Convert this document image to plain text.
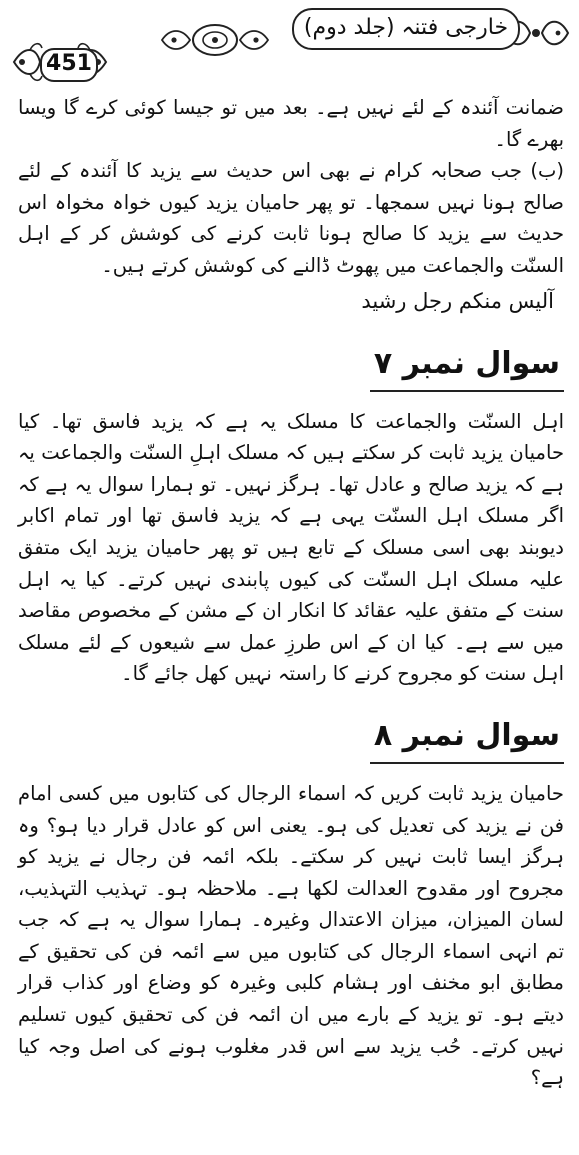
451
خارجی فتنہ (جلد دوم)

ضمانت آئندہ کے لئے نہیں ہے۔ بعد میں تو جیسا کوئی کرے گا ویسا بھرے گا۔

(ب) جب صحابہ کرام نے بھی اس حدیث سے یزید کا آئندہ کے لئے صالح ہونا نہیں سمجھا۔ تو پھر حامیان یزید کیوں خواہ مخواہ اس حدیث سے یزید کا صالح ہونا ثابت کرنے کی کوشش کر کے اہل السنّت والجماعت میں پھوٹ ڈالنے کی کوشش کرتے ہیں۔

آلیس منکم رجل رشید

سوال نمبر ۷

اہل السنّت والجماعت کا مسلک یہ ہے کہ یزید فاسق تھا۔ کیا حامیان یزید ثابت کر سکتے ہیں کہ مسلک اہلِ السنّت والجماعت یہ ہے کہ یزید صالح و عادل تھا۔ ہرگز نہیں۔ تو ہمارا سوال یہ ہے کہ اگر مسلک اہل السنّت یہی ہے کہ یزید فاسق تھا اور تمام اکابر دیوبند بھی اسی مسلک کے تابع ہیں تو پھر حامیان یزید ایک متفق علیہ مسلک اہل السنّت کی کیوں پابندی نہیں کرتے۔ کیا یہ اہل سنت کے متفق علیہ عقائد کا انکار ان کے مشن کے مخصوص مقاصد میں سے ہے۔ کیا ان کے اس طرزِ عمل سے شیعوں کے لئے مسلک اہل سنت کو مجروح کرنے کا راستہ نہیں کھل جائے گا۔

سوال نمبر ۸

حامیان یزید ثابت کریں کہ اسماء الرجال کی کتابوں میں کسی امام فن نے یزید کی تعدیل کی ہو۔ یعنی اس کو عادل قرار دیا ہو؟ وہ ہرگز ایسا ثابت نہیں کر سکتے۔ بلکہ ائمہ فن رجال نے یزید کو مجروح اور مقدوح العدالت لکھا ہے۔ ملاحظہ ہو۔ تہذیب التہذیب، لسان المیزان، میزان الاعتدال وغیرہ۔ ہمارا سوال یہ ہے کہ جب تم انہی اسماء الرجال کی کتابوں میں سے ائمہ فن کی تحقیق کے مطابق ابو مخنف اور ہشام کلبی وغیرہ کو وضاع اور کذاب قرار دیتے ہو۔ تو یزید کے بارے میں ان ائمہ فن کی تحقیق کیوں تسلیم نہیں کرتے۔ حُب یزید سے اس قدر مغلوب ہونے کی اصل وجہ کیا ہے؟
